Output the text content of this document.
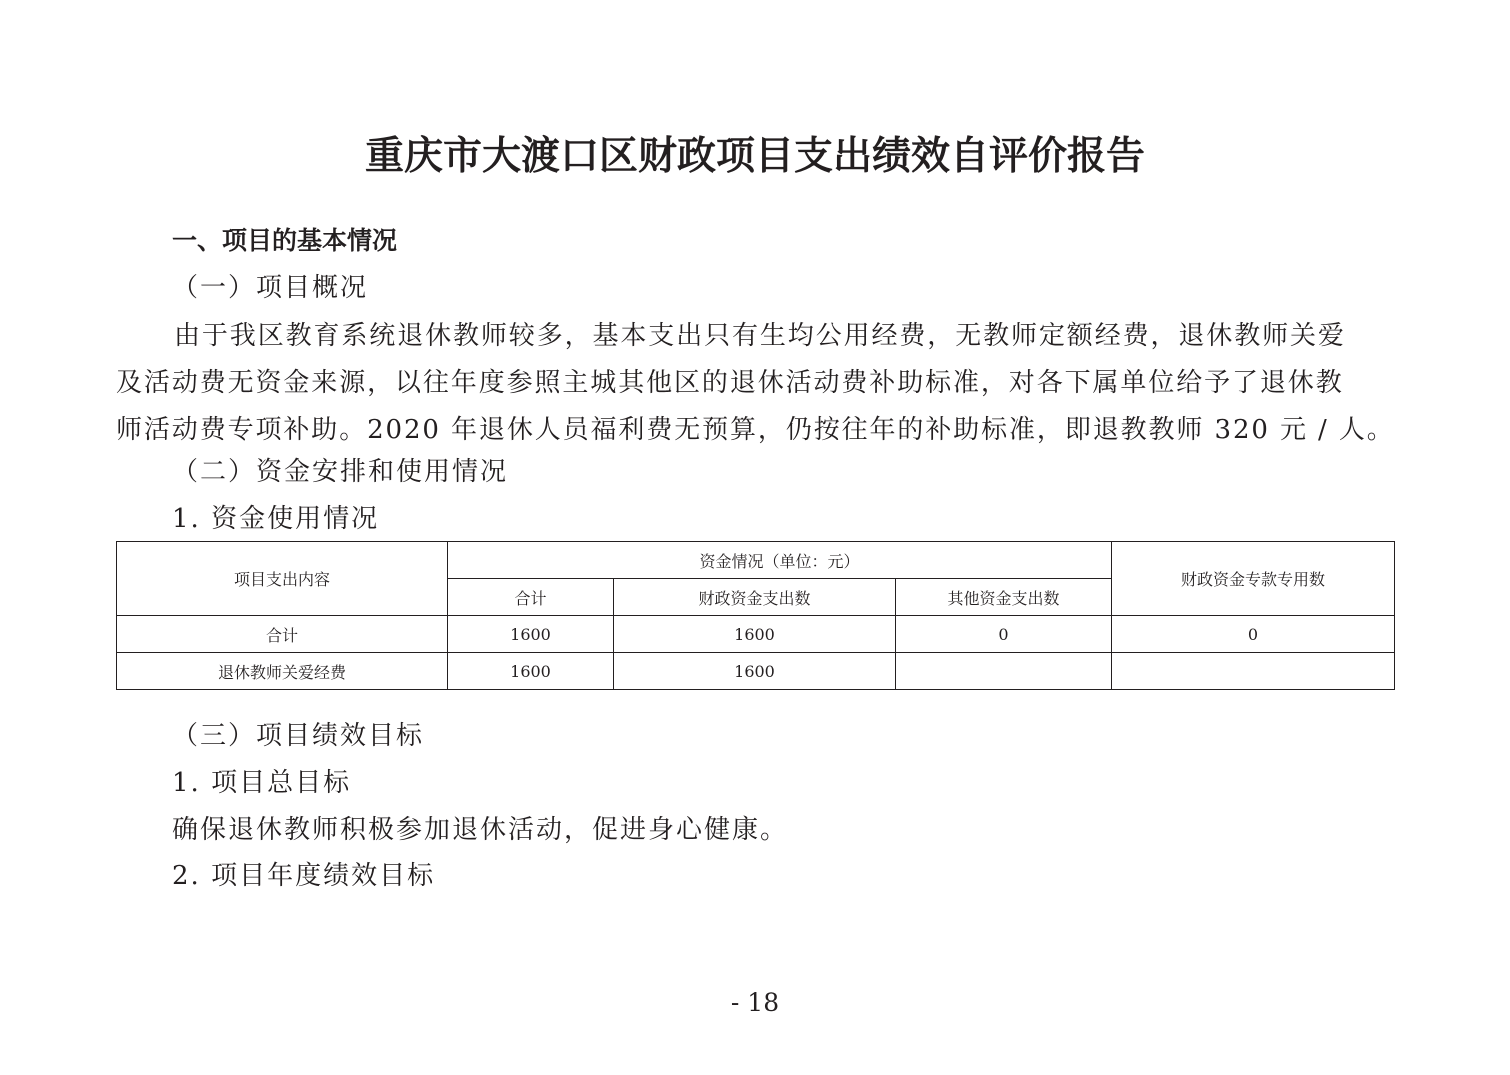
重庆市大渡口区财政项目支出绩效自评价报告
一、项目的基本情况
（一）项目概况
由于我区教育系统退休教师较多，基本支出只有生均公用经费，无教师定额经费，退休教师关爱
及活动费无资金来源，以往年度参照主城其他区的退休活动费补助标准，对各下属单位给予了退休教
师活动费专项补助。2020 年退休人员福利费无预算，仍按往年的补助标准，即退教教师 320 元 / 人。
（二）资金安排和使用情况
1. 资金使用情况
项目支出内容	资金情况（单位：元）			财政资金专款专用数
	合计	财政资金支出数	其他资金支出数	
合计	1600	1600	0	0
退休教师关爱经费	1600	1600		
（三）项目绩效目标
1. 项目总目标
确保退休教师积极参加退休活动，促进身心健康。
2. 项目年度绩效目标
- 18
